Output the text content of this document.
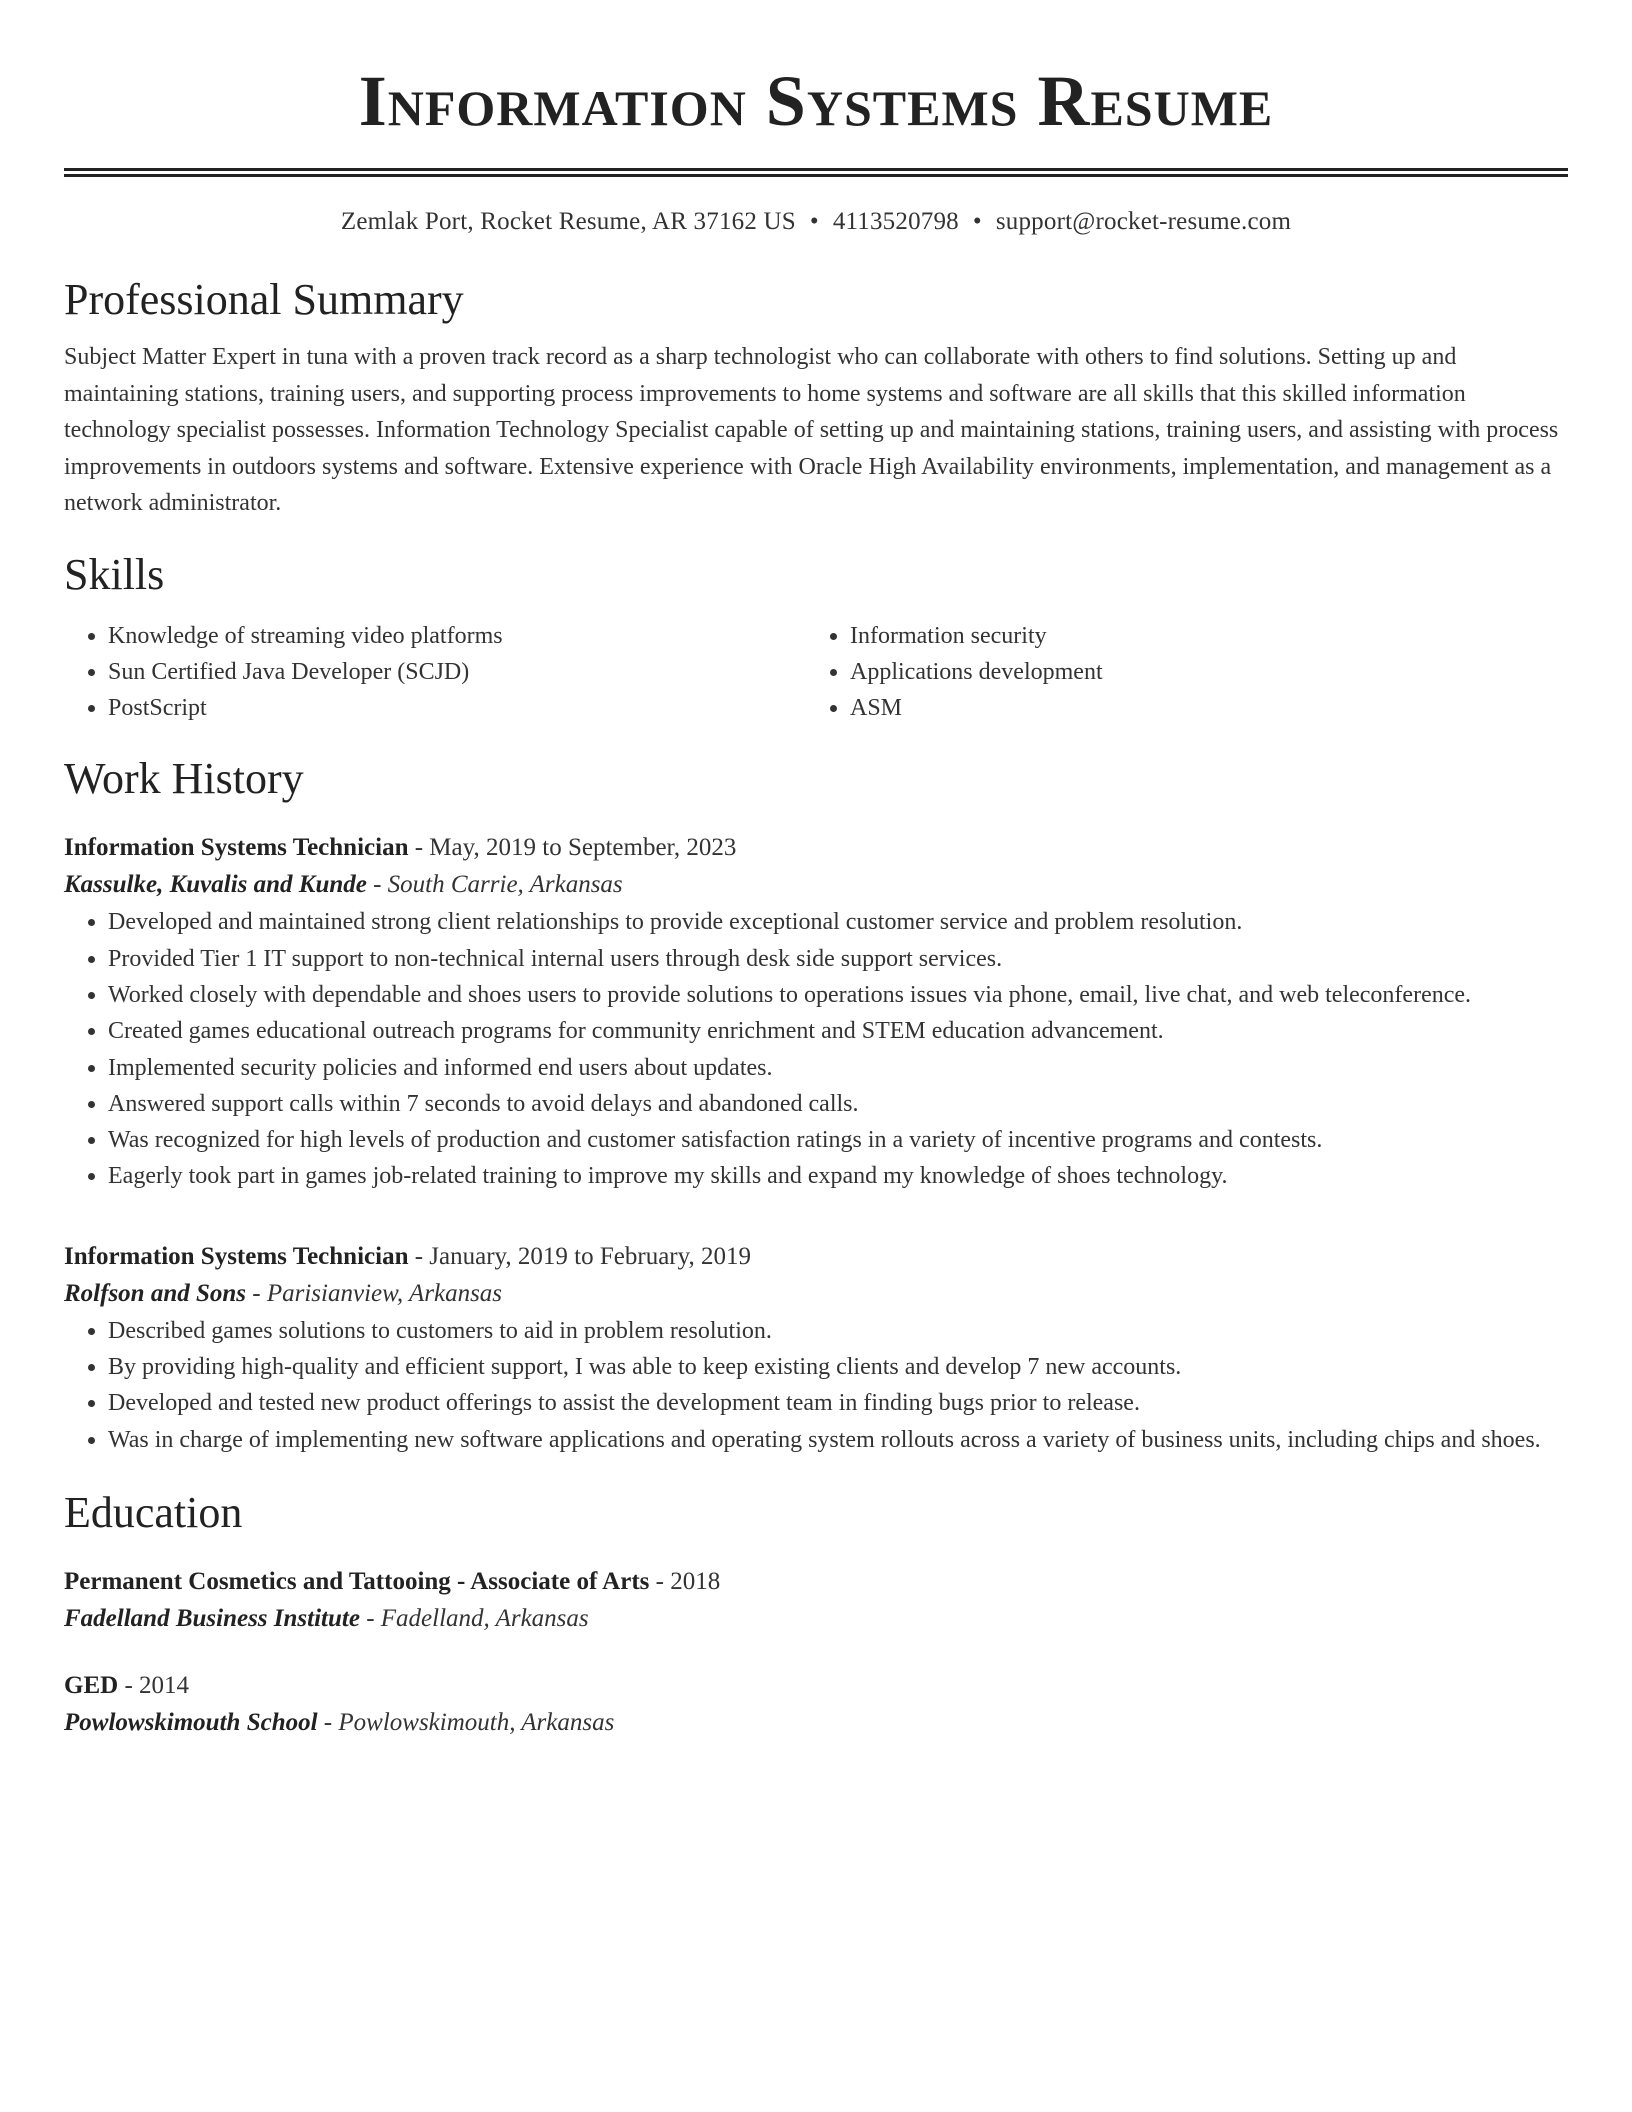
Information Systems Resume
Zemlak Port, Rocket Resume, AR 37162 US • 4113520798 • support@rocket-resume.com
Professional Summary

Subject Matter Expert in tuna with a proven track record as a sharp technologist who can collaborate with others to find solutions. Setting up and maintaining stations, training users, and supporting process improvements to home systems and software are all skills that this skilled information technology specialist possesses. Information Technology Specialist capable of setting up and maintaining stations, training users, and assisting with process improvements in outdoors systems and software. Extensive experience with Oracle High Availability environments, implementation, and management as a network administrator.

Skills
• Knowledge of streaming video platforms
• Sun Certified Java Developer (SCJD)
• PostScript
• Information security
• Applications development
• ASM
Work History
Information Systems Technician - May, 2019 to September, 2023
Kassulke, Kuvalis and Kunde - South Carrie, Arkansas
• Developed and maintained strong client relationships to provide exceptional customer service and problem resolution.
• Provided Tier 1 IT support to non-technical internal users through desk side support services.
• Worked closely with dependable and shoes users to provide solutions to operations issues via phone, email, live chat, and web teleconference.
• Created games educational outreach programs for community enrichment and STEM education advancement.
• Implemented security policies and informed end users about updates.
• Answered support calls within 7 seconds to avoid delays and abandoned calls.
• Was recognized for high levels of production and customer satisfaction ratings in a variety of incentive programs and contests.
• Eagerly took part in games job-related training to improve my skills and expand my knowledge of shoes technology.
Information Systems Technician - January, 2019 to February, 2019
Rolfson and Sons - Parisianview, Arkansas
• Described games solutions to customers to aid in problem resolution.
• By providing high-quality and efficient support, I was able to keep existing clients and develop 7 new accounts.
• Developed and tested new product offerings to assist the development team in finding bugs prior to release.
• Was in charge of implementing new software applications and operating system rollouts across a variety of business units, including chips and shoes.
Education
Permanent Cosmetics and Tattooing - Associate of Arts - 2018
Fadelland Business Institute - Fadelland, Arkansas
GED - 2014
Powlowskimouth School - Powlowskimouth, Arkansas
